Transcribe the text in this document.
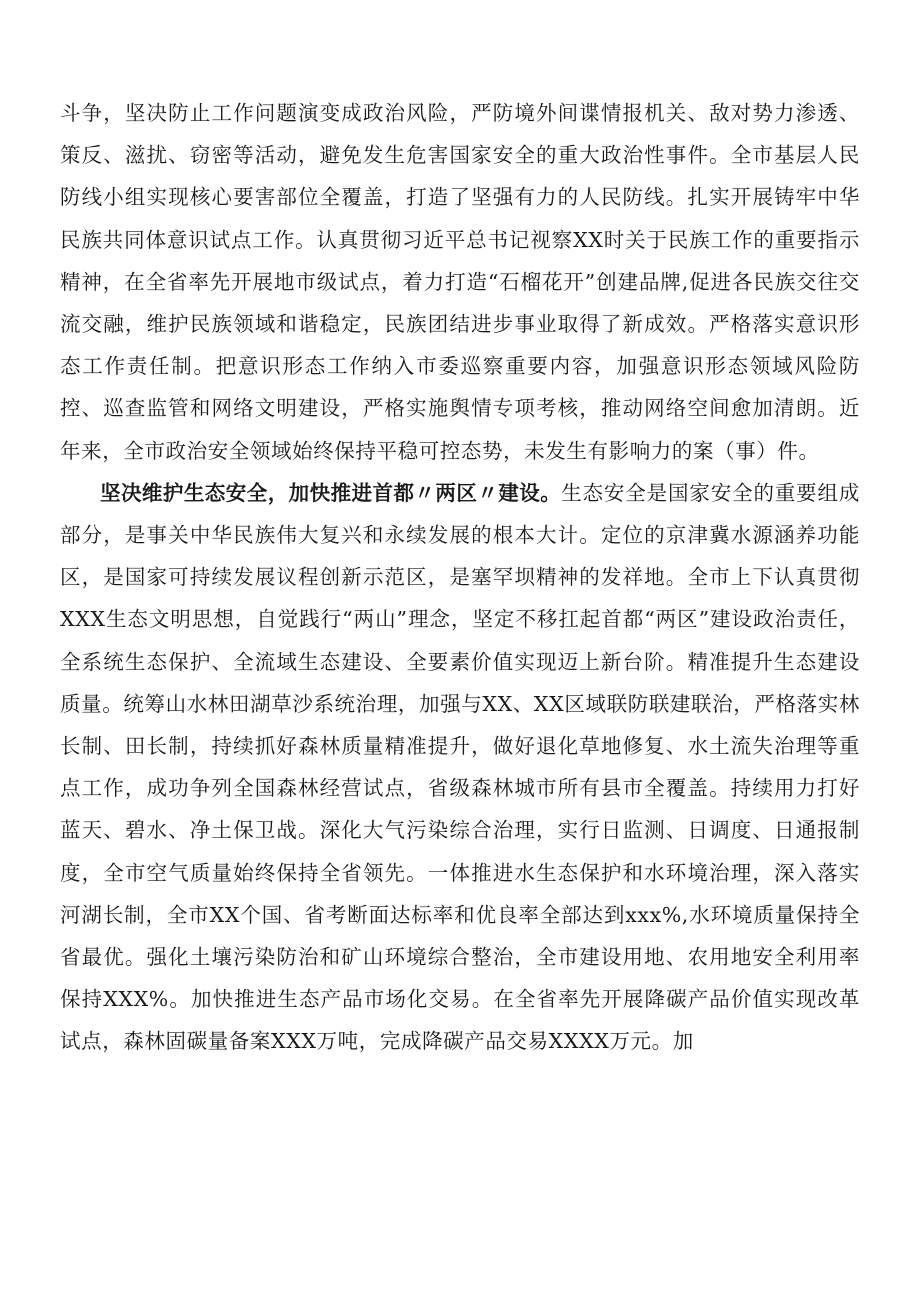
斗争，坚决防止工作问题演变成政治风险，严防境外间谍情报机关、敌对势力渗透、策反、滋扰、窃密等活动，避免发生危害国家安全的重大政治性事件。全市基层人民防线小组实现核心要害部位全覆盖，打造了坚强有力的人民防线。扎实开展铸牢中华民族共同体意识试点工作。认真贯彻习近平总书记视察XX时关于民族工作的重要指示精神，在全省率先开展地市级试点，着力打造“石榴花开”创建品牌,促进各民族交往交流交融，维护民族领域和谐稳定，民族团结进步事业取得了新成效。严格落实意识形态工作责任制。把意识形态工作纳入市委巡察重要内容，加强意识形态领域风险防控、巡查监管和网络文明建设，严格实施舆情专项考核，推动网络空间愈加清朗。近年来，全市政治安全领域始终保持平稳可控态势，未发生有影响力的案（事）件。

坚决维护生态安全，加快推进首都〃两区〃建设。生态安全是国家安全的重要组成部分，是事关中华民族伟大复兴和永续发展的根本大计。定位的京津冀水源涵养功能区，是国家可持续发展议程创新示范区，是塞罕坝精神的发祥地。全市上下认真贯彻XXX生态文明思想，自觉践行“两山”理念，坚定不移扛起首都“两区”建设政治责任，全系统生态保护、全流域生态建设、全要素价值实现迈上新台阶。精准提升生态建设质量。统筹山水林田湖草沙系统治理，加强与XX、XX区域联防联建联治，严格落实林长制、田长制，持续抓好森林质量精准提升，做好退化草地修复、水土流失治理等重点工作，成功争列全国森林经营试点，省级森林城市所有县市全覆盖。持续用力打好蓝天、碧水、净土保卫战。深化大气污染综合治理，实行日监测、日调度、日通报制度，全市空气质量始终保持全省领先。一体推进水生态保护和水环境治理，深入落实河湖长制，全市XX个国、省考断面达标率和优良率全部达到xxx%,水环境质量保持全省最优。强化土壤污染防治和矿山环境综合整治，全市建设用地、农用地安全利用率保持XXX%。加快推进生态产品市场化交易。在全省率先开展降碳产品价值实现改革试点，森林固碳量备案XXX万吨，完成降碳产品交易XXXX万元。加
